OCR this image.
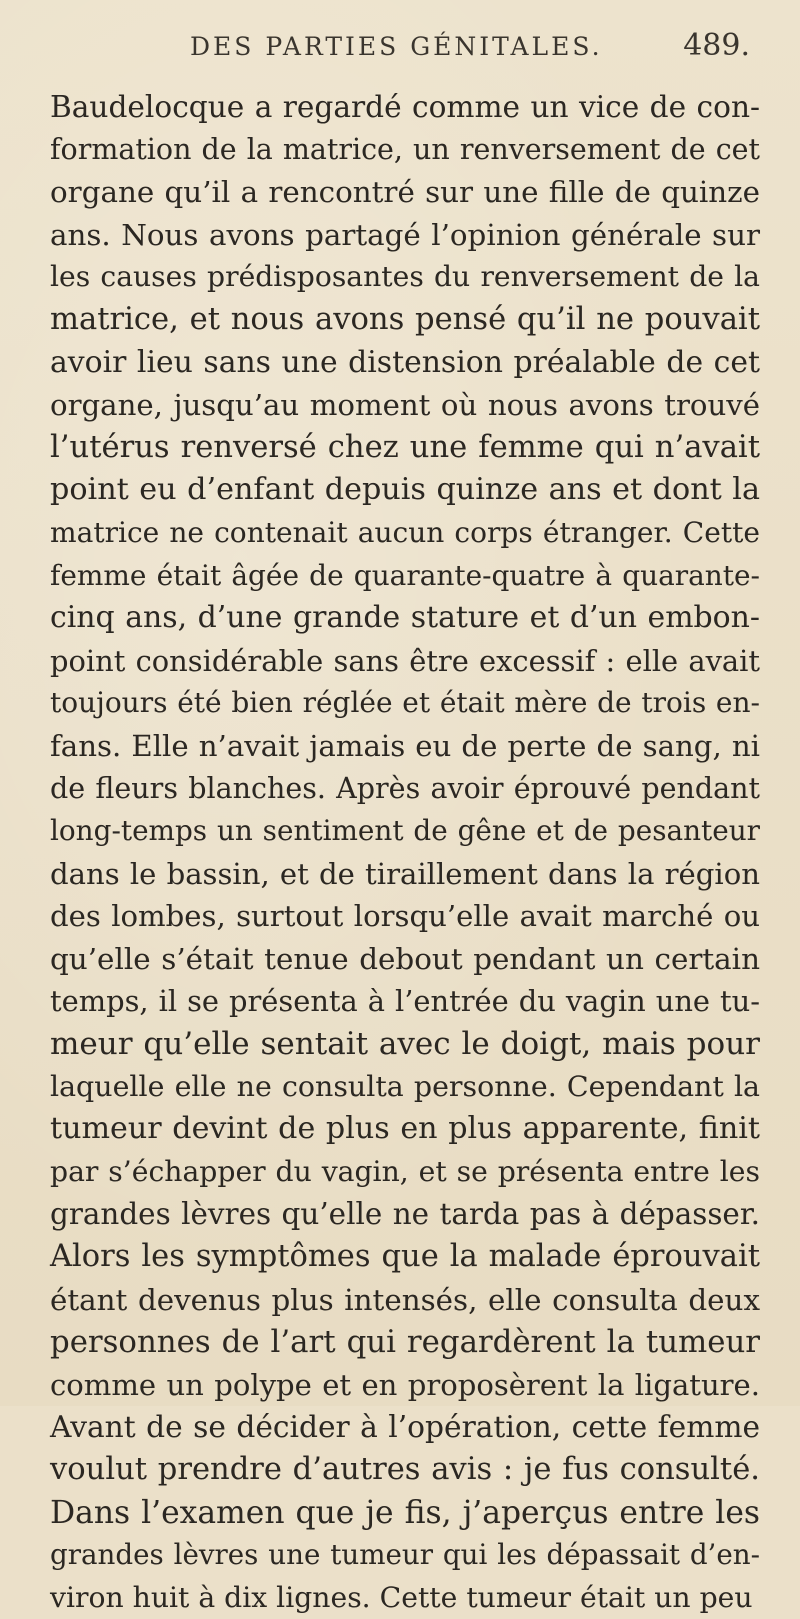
DES PARTIES GÉNITALES.	489.
Baudelocque a regardé comme un vice de con-
formation de la matrice, un renversement de cet
organe qu’il a rencontré sur une fille de quinze
ans. Nous avons partagé l’opinion générale sur
les causes prédisposantes du renversement de la
matrice, et nous avons pensé qu’il ne pouvait
avoir lieu sans une distension préalable de cet
organe, jusqu’au moment où nous avons trouvé
l’utérus renversé chez une femme qui n’avait
point eu d’enfant depuis quinze ans et dont la
matrice ne contenait aucun corps étranger. Cette
femme était âgée de quarante-quatre à quarante-
cinq ans, d’une grande stature et d’un embon-
point considérable sans être excessif : elle avait
toujours été bien réglée et était mère de trois en-
fans. Elle n’avait jamais eu de perte de sang, ni
de fleurs blanches. Après avoir éprouvé pendant
long-temps un sentiment de gêne et de pesanteur
dans le bassin, et de tiraillement dans la région
des lombes, surtout lorsqu’elle avait marché ou
qu’elle s’était tenue debout pendant un certain
temps, il se présenta à l’entrée du vagin une tu-
meur qu’elle sentait avec le doigt, mais pour
laquelle elle ne consulta personne. Cependant la
tumeur devint de plus en plus apparente, finit
par s’échapper du vagin, et se présenta entre les
grandes lèvres qu’elle ne tarda pas à dépasser.
Alors les symptômes que la malade éprouvait
étant devenus plus intensés, elle consulta deux
personnes de l’art qui regardèrent la tumeur
comme un polype et en proposèrent la ligature.
Avant de se décider à l’opération, cette femme
voulut prendre d’autres avis : je fus consulté.
Dans l’examen que je fis, j’aperçus entre les
grandes lèvres une tumeur qui les dépassait d’en-
viron huit à dix lignes. Cette tumeur était un peu
